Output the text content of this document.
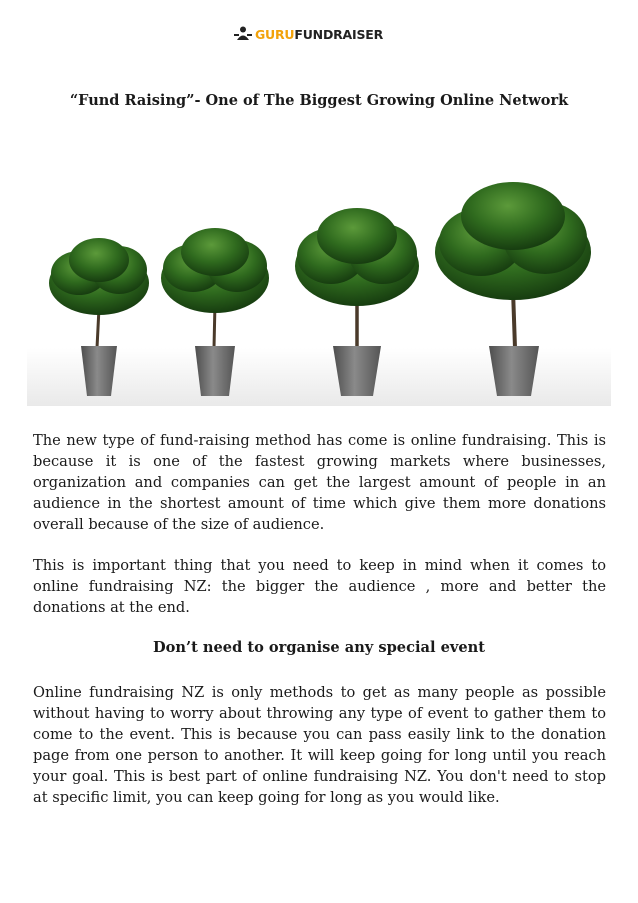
GURU FUNDRAISER
“Fund Raising”- One of The Biggest Growing Online Network

The new type of fund-raising method has come is online fundraising. This is because it is one of the fastest growing markets where businesses, organization and companies can get the largest amount of people in an audience in the shortest amount of time which give them more donations overall because of the size of audience.

This is important thing that you need to keep in mind when it comes to online fundraising NZ: the bigger the audience , more and better the donations at the end.

Don’t need to organise any special event

Online fundraising NZ is only methods to get as many people as possible without having to worry about throwing any type of event to gather them to come to the event. This is because you can pass easily link to the donation page from one person to another. It will keep going for long until you reach your goal. This is best part of online fundraising NZ. You don't need to stop at specific limit, you can keep going for long as you would like.
